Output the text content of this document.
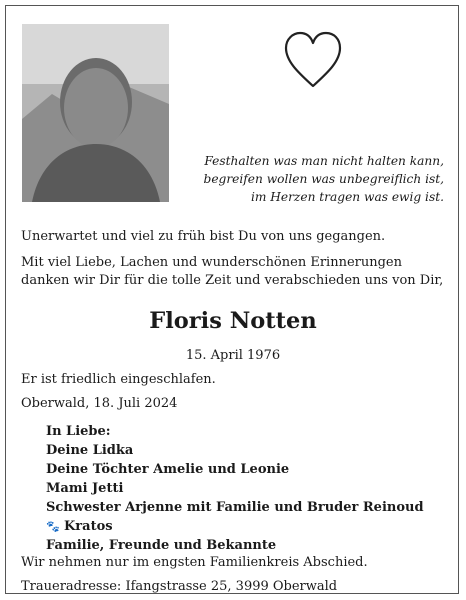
Festhalten was man nicht halten kann,
begreifen wollen was unbegreiflich ist,
im Herzen tragen was ewig ist.

Unerwartet und viel zu früh bist Du von uns gegangen.

Mit viel Liebe, Lachen und wunderschönen Erinnerungen danken wir Dir für die tolle Zeit und verabschieden uns von Dir,

Floris Notten
15. April 1976
Er ist friedlich eingeschlafen.
Oberwald, 18. Juli 2024
In Liebe:
Deine Lidka
Deine Töchter Amelie und Leonie
Mami Jetti
Schwester Arjenne mit Familie und Bruder Reinoud
🐾 Kratos
Familie, Freunde und Bekannte
Wir nehmen nur im engsten Familienkreis Abschied.
Traueradresse: Ifangstrasse 25, 3999 Oberwald
